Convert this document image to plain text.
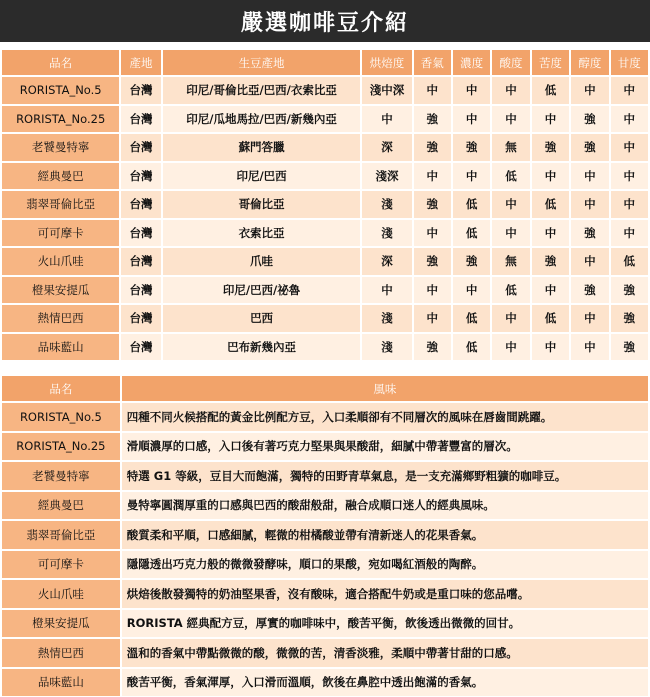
嚴選咖啡豆介紹
品名	產地	生豆產地	烘焙度	香氣	濃度	酸度	苦度	醇度	甘度
RORISTA_No.5	台灣	印尼/哥倫比亞/巴西/衣索比亞	淺中深	中	中	中	低	中	中
RORISTA_No.25	台灣	印尼/瓜地馬拉/巴西/新幾內亞	中	強	中	中	中	強	中
老饕曼特寧	台灣	蘇門答臘	深	強	強	無	強	強	中
經典曼巴	台灣	印尼/巴西	淺深	中	中	低	中	中	中
翡翠哥倫比亞	台灣	哥倫比亞	淺	強	低	中	低	中	中
可可摩卡	台灣	衣索比亞	淺	中	低	中	中	強	中
火山爪哇	台灣	爪哇	深	強	強	無	強	中	低
橙果安提瓜	台灣	印尼/巴西/祕魯	中	中	中	低	中	強	強
熱情巴西	台灣	巴西	淺	中	低	中	低	中	強
品味藍山	台灣	巴布新幾內亞	淺	強	低	中	中	中	強
品名	風味
RORISTA_No.5	四種不同火候搭配的黃金比例配方豆，入口柔順卻有不同層次的風味在唇齒間跳躍。
RORISTA_No.25	滑順濃厚的口感，入口後有著巧克力堅果與果酸甜，細膩中帶著豐富的層次。
老饕曼特寧	特選 G1 等級，豆目大而飽滿，獨特的田野青草氣息，是一支充滿鄉野粗獷的咖啡豆。
經典曼巴	曼特寧圓潤厚重的口感與巴西的酸甜般甜，融合成順口迷人的經典風味。
翡翠哥倫比亞	酸質柔和平順，口感細膩，輕微的柑橘酸並帶有清新迷人的花果香氣。
可可摩卡	隱隱透出巧克力般的微微發酵味，順口的果酸，宛如喝紅酒般的陶醉。
火山爪哇	烘焙後散發獨特的奶油堅果香，沒有酸味，適合搭配牛奶或是重口味的您品嚐。
橙果安提瓜	RORISTA 經典配方豆，厚實的咖啡味中，酸苦平衡，飲後透出微微的回甘。
熱情巴西	溫和的香氣中帶點微微的酸，微微的苦，清香淡雅，柔順中帶著甘甜的口感。
品味藍山	酸苦平衡，香氣渾厚，入口滑而溫順，飲後在鼻腔中透出飽滿的香氣。
